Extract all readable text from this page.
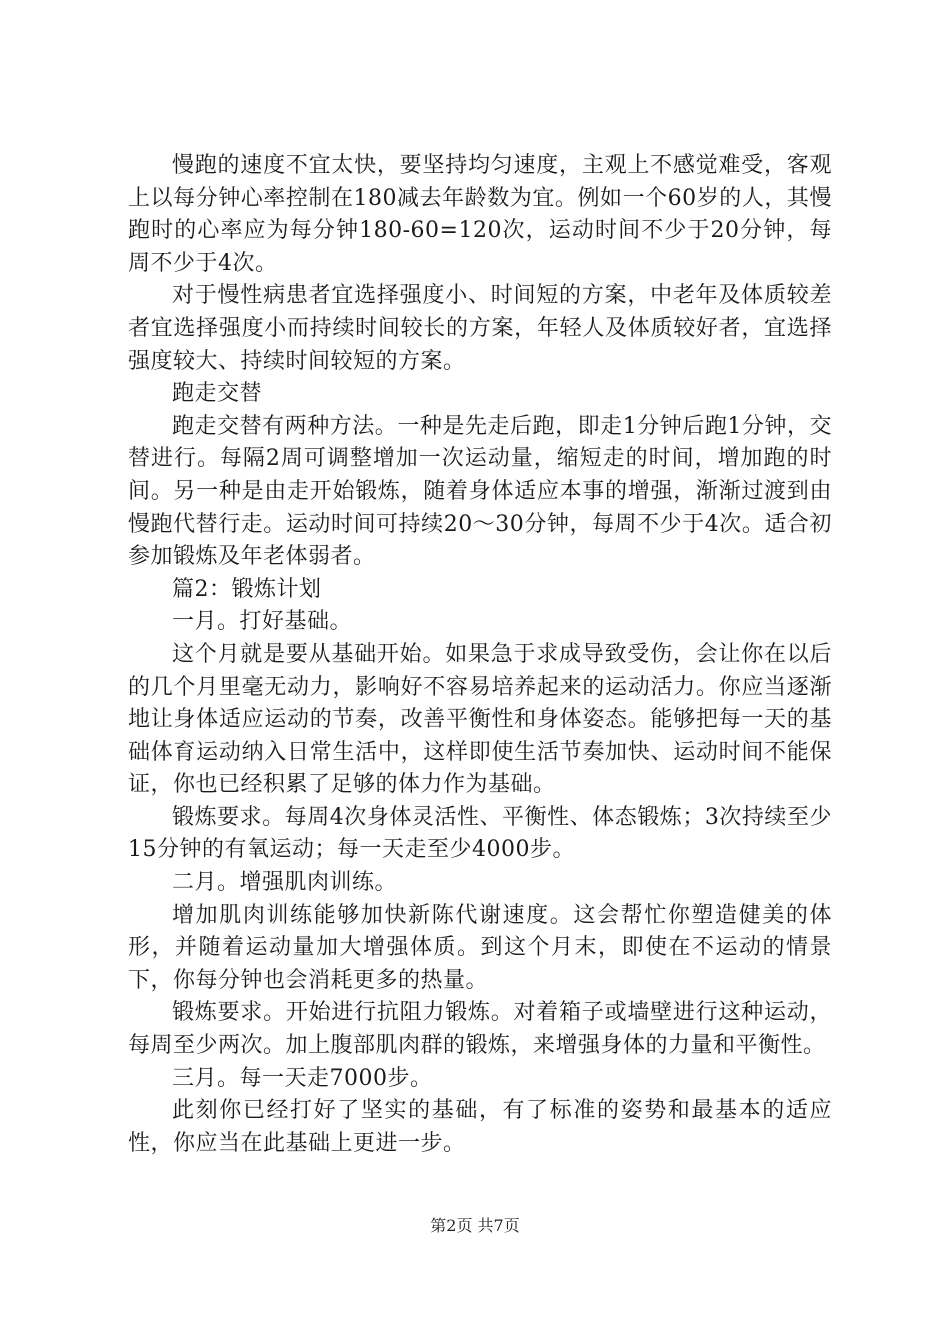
慢跑的速度不宜太快，要坚持均匀速度，主观上不感觉难受，客观上以每分钟心率控制在180减去年龄数为宜。例如一个60岁的人，其慢跑时的心率应为每分钟180-60=120次，运动时间不少于20分钟，每周不少于4次。

对于慢性病患者宜选择强度小、时间短的方案，中老年及体质较差者宜选择强度小而持续时间较长的方案，年轻人及体质较好者，宜选择强度较大、持续时间较短的方案。

跑走交替

跑走交替有两种方法。一种是先走后跑，即走1分钟后跑1分钟，交替进行。每隔2周可调整增加一次运动量，缩短走的时间，增加跑的时间。另一种是由走开始锻炼，随着身体适应本事的增强，渐渐过渡到由慢跑代替行走。运动时间可持续20～30分钟，每周不少于4次。适合初参加锻炼及年老体弱者。

篇2：锻炼计划

一月。打好基础。

这个月就是要从基础开始。如果急于求成导致受伤，会让你在以后的几个月里毫无动力，影响好不容易培养起来的运动活力。你应当逐渐地让身体适应运动的节奏，改善平衡性和身体姿态。能够把每一天的基础体育运动纳入日常生活中，这样即使生活节奏加快、运动时间不能保证，你也已经积累了足够的体力作为基础。

锻炼要求。每周4次身体灵活性、平衡性、体态锻炼；3次持续至少15分钟的有氧运动；每一天走至少4000步。

二月。增强肌肉训练。

增加肌肉训练能够加快新陈代谢速度。这会帮忙你塑造健美的体形，并随着运动量加大增强体质。到这个月末，即使在不运动的情景下，你每分钟也会消耗更多的热量。

锻炼要求。开始进行抗阻力锻炼。对着箱子或墙壁进行这种运动，每周至少两次。加上腹部肌肉群的锻炼，来增强身体的力量和平衡性。

三月。每一天走7000步。

此刻你已经打好了坚实的基础，有了标准的姿势和最基本的适应性，你应当在此基础上更进一步。

第2页 共7页
